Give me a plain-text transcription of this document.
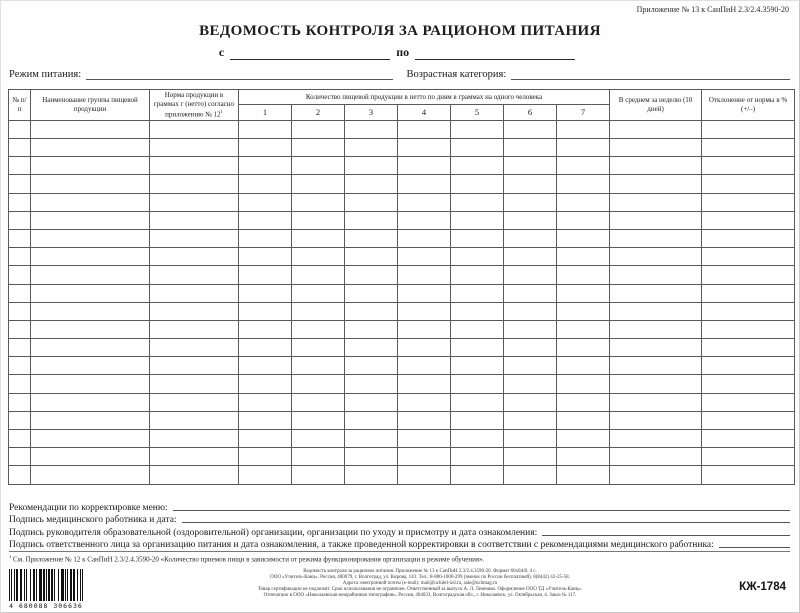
Приложение № 13 к СанПиН 2.3/2.4.3590-20
ВЕДОМОСТЬ КОНТРОЛЯ ЗА РАЦИОНОМ ПИТАНИЯ
с	по
Режим питания:	Возрастная категория:
№ п/п	Наименование группы пищевой продукции	Норма продукции в граммах г (нетто) согласно приложению № $12^1$	Количество пищевой продукции в нетто по дням в граммах на одного человека							В среднем за неделю (10 дней)	Отклонение от нормы в % (+/–)
			1	2	3	4	5	6	7		

Рекомендации по корректировке меню:
Подпись медицинского работника и дата:
Подпись руководителя образовательной (оздоровительной) организации, организации по уходу и присмотру и дата ознакомления:
Подпись ответственного лица за организацию питания и дата ознакомления, а также проведенной корректировки в соответствии с рекомендациями медицинского работника:
$^1$ См. Приложение № 12 к СанПиН 2.3/2.4.3590-20 «Количество приемов пищи в зависимости от режима функционирования организации в режиме обучения».
Ведомость контроля за рационом питания. Приложение № 13 к СанПиН 2.3/2.4.3590-20. Формат 60х84/8. 4 с.
ООО «Учитель-Канц». Россия, 400079, г. Волгоград, ул. Кирова, 143. Тел.: 8-800-1000-299 (звонок по России бесплатный), 8(8442) 42-25-58.
Адреса электронной почты (e-mail): mail@uchitel-izd.ru, sale@uchmag.ru
Товар сертификации не подлежит. Срок использования не ограничен. Ответственный за выпуск А. Л. Лемешко. Оформление ООО ТД «Учитель-Канц».
Отпечатано в ООО «Николаевская межрайонная типография». Россия, 404033, Волгоградская обл., г. Николаевск, ул. Октябрьская, 4. Заказ № 117.
4 680088 306636
КЖ-1784
